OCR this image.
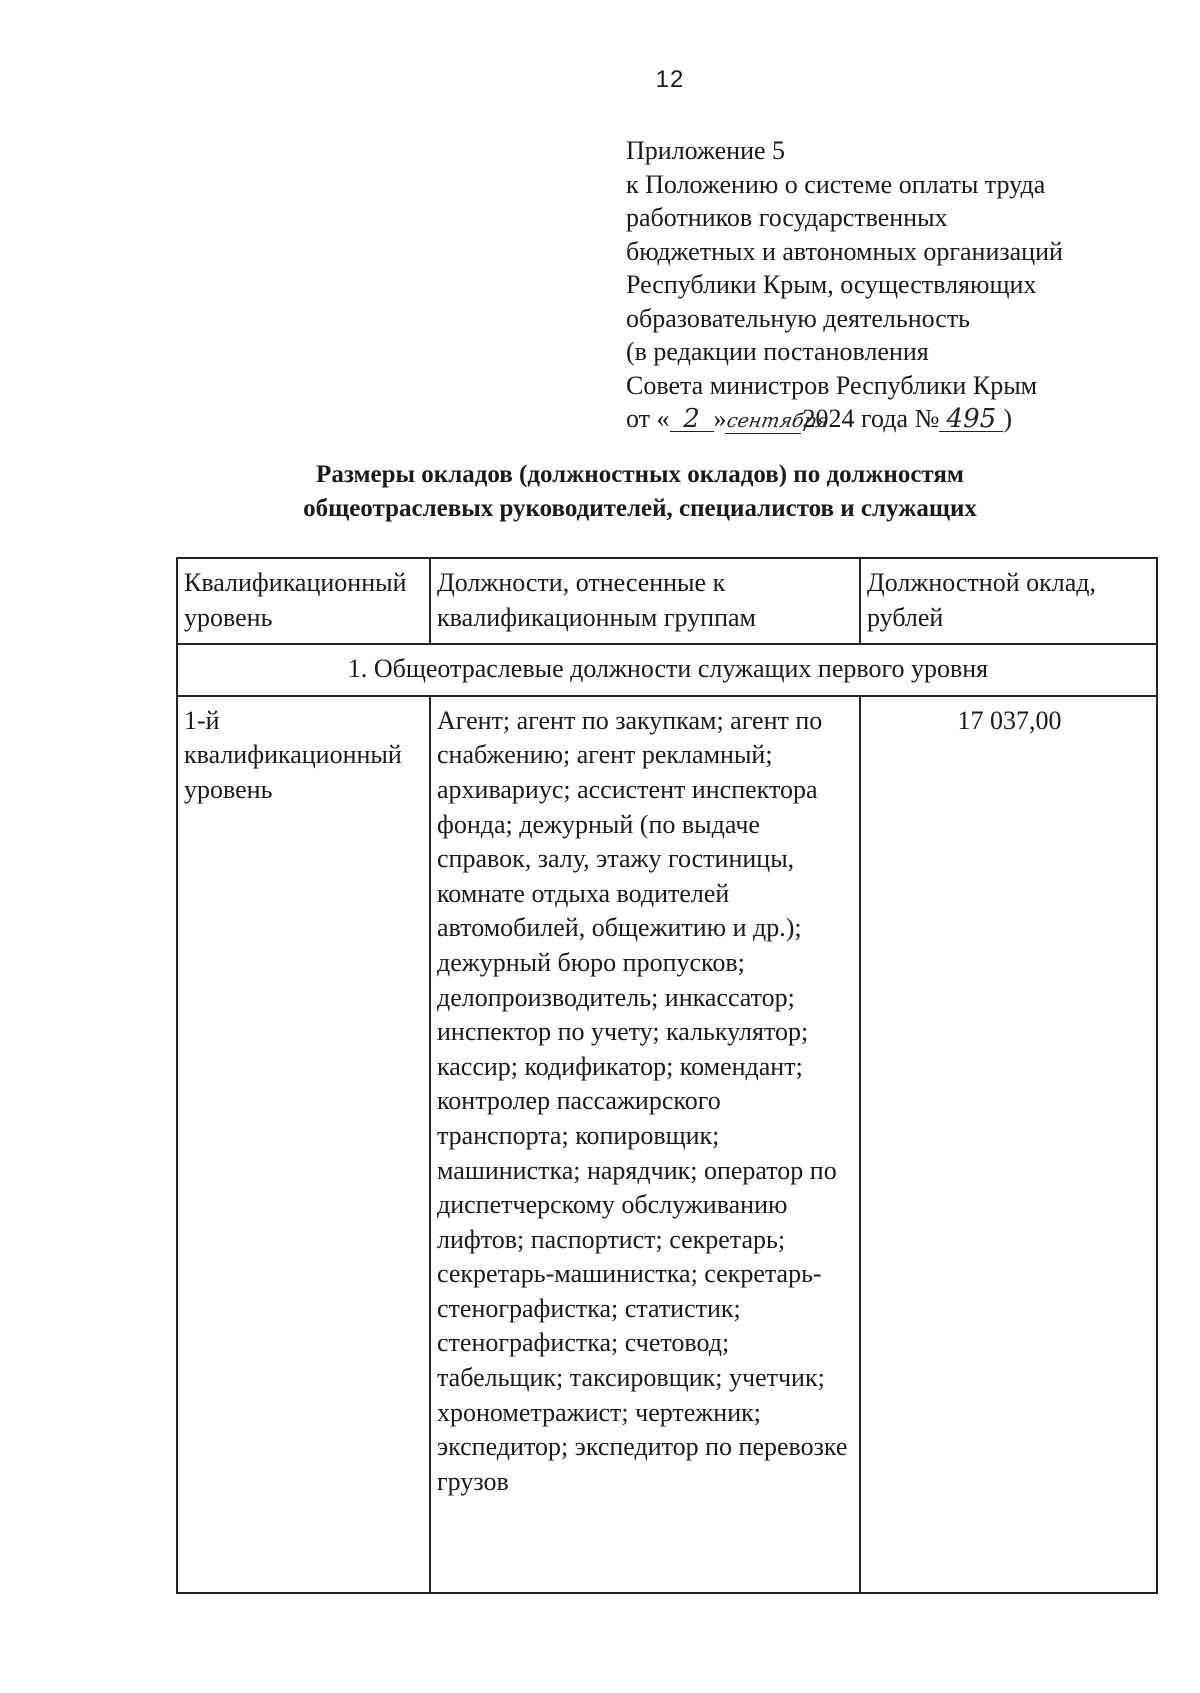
12
Приложение 5
к Положению о системе оплаты труда
работников государственных
бюджетных и автономных организаций
Республики Крым, осуществляющих
образовательную деятельность
(в редакции постановления
Совета министров Республики Крым
от « 2 »сентября2024 года № 495 )
Размеры окладов (должностных окладов) по должностям
общеотраслевых руководителей, специалистов и служащих
Квалификационный уровень	Должности, отнесенные к квалификационным группам	Должностной оклад, рублей
1. Общеотраслевые должности служащих первого уровня		
1-й квалификационный уровень	Агент; агент по закупкам; агент по снабжению; агент рекламный; архивариус; ассистент инспектора фонда; дежурный (по выдаче справок, залу, этажу гостиницы, комнате отдыха водителей автомобилей, общежитию и др.); дежурный бюро пропусков; делопроизводитель; инкассатор; инспектор по учету; калькулятор; кассир; кодификатор; комендант; контролер пассажирского транспорта; копировщик; машинистка; нарядчик; оператор по диспетчерскому обслуживанию лифтов; паспортист; секретарь; секретарь-машинистка; секретарь-стенографистка; статистик; стенографистка; счетовод; табельщик; таксировщик; учетчик; хронометражист; чертежник; экспедитор; экспедитор по перевозке грузов	17 037,00
